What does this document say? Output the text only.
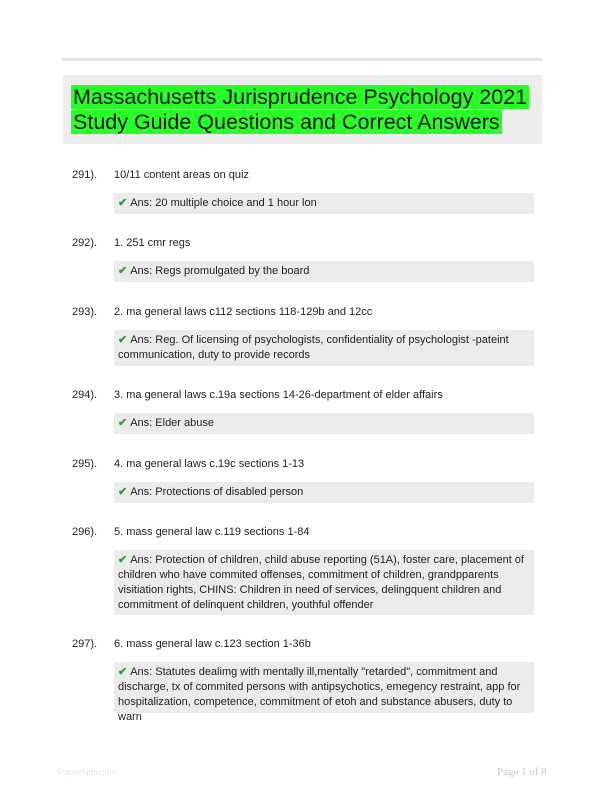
Massachusetts Jurisprudence Psychology 2021
Study Guide Questions and Correct Answers
291). 10/11 content areas on quiz
✔ Ans: 20 multiple choice and 1 hour lon
292). 1. 251 cmr regs
✔ Ans: Regs promulgated by the board
293). 2. ma general laws c112 sections 118-129b and 12cc
✔ Ans: Reg. Of licensing of psychologists, confidentiality of psychologist -pateint communication, duty to provide records
294). 3. ma general laws c.19a sections 14-26-department of elder affairs
✔ Ans: Elder abuse
295). 4. ma general laws c.19c sections 1-13
✔ Ans: Protections of disabled person
296). 5. mass general law c.119 sections 1-84
✔ Ans: Protection of children, child abuse reporting (51A), foster care, placement of children who have commited offenses, commitment of children, grandpparents visitiation rights, CHINS: Children in need of services, delingquent children and commitment of delinquent children, youthful offender
297). 6. mass general law c.123 section 1-36b
✔ Ans: Statutes dealimg with mentally ill,mentally "retarded", commitment and discharge, tx of commited persons with antipsychotics, emegency restraint, app for hospitalization, competence, commitment of etoh and substance abusers, duty to warn
PaperNibi.com	Page 1 of 8
